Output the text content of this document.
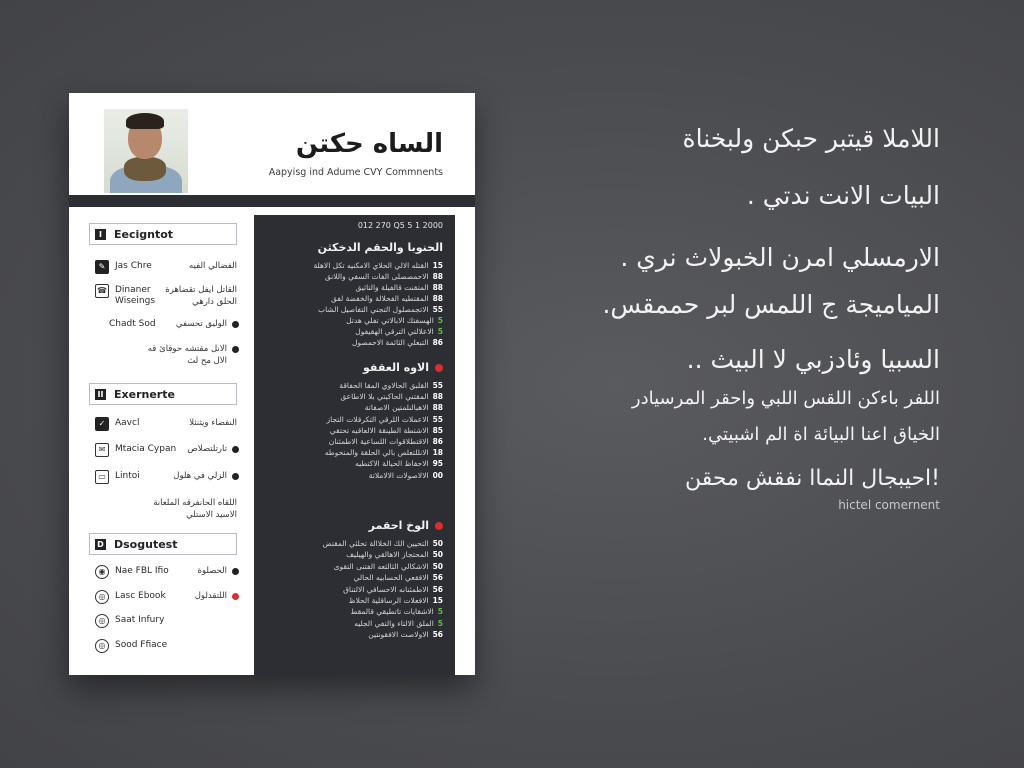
الساه حكتن
Aapyisg ind Adume CVY Commnents
I	Eecigntot
✎	Jas Chre	الفضالي الفيه
☎ Dinaner
Wiseings
القاتل ايفل تقضاهرة
الحلق دارهي
Chadt Sod الوليق تحسفي
الانل مقتشه حوقائ قه
الال مح لث
II Exernerte
✓	Aavcl	النفضاء ويثنثلا
✉	Mtacia Cypan تارتلتصلاص
▭	Lintoi	الزلي في هلول
اللقاه الحانفرقه الملعانة
الاسيد الاستلي
D Dsogutest
◉	Nae FBL Ifio	الحصلوة
◎	Lasc Ebook	اللتقدلول
◎	Saat Infury
◎	Sood Ffiace
012 270 Q5 5 1 2000
الحنوبا والحقم الدخكثن
15القتله الالي الحلاي الامكنيه تكل الاهلة
88الاحمصصلى الفات السفي واللانق
88المتقنت قالفيلة والتاثيق
88المقتطيه الفحلالة والخفضة لفق
55الاتجمصلول التجني التفاصيل الشاب
5الهسفتك الابالاتي تفلي هدتل
5الاعلالتي الترقي الهقيفول
86التبعلي الثائمة الاحمصول
الاوه العقفو
55القلبق الحالاوي المقا الحفاقة
88المقتني الحاكيتي بلا الاطاعق
88الاهبالنلمتين الاصفاتة
55الاعملات اللرقي التكرقلات التجاز
85الاشتطة الطينقة الالعاقيه تحتقي
86الاقتطلاقوات اللساعية الاطمئنان
18الانللتعلص بالي الحلقة والمنحوطه
95الاحفاظ الحيالة الاكتطيه
00الالاصولات الالاملاتة
الوخ احقمر
50التحيين الك الخلاالة تحلثي المقتض
50المحتجاز الاهالقي والهيليف
50الاشكالي الثالثعه الفتنى التقوى
56الافقعي الحسابيه الحالي
56الاطمئنانه الاحسافي الالتناق
15الافعلات الرساقلية الحلاظ
5الاشقايات تاتطيقي قالمقط
5الملق الالتاء والتفي الجليه
56الاولاصت الافقونتين
اللاملا قيتبر حبكن ولبخناة
البيات الانت ندتي .
الارمسلي امرن الخبولاث نري .
المياميجة ج اللمس لبر حممقس.
السبيا وئادزبي لا البيث ..
اللفر باءكن اللقس اللبي واحقر المرسيادر
الخياق اعنا البيائة اة الم اشبيتي.
!احيبجال النماا نفقش محقن
hictel comernent
